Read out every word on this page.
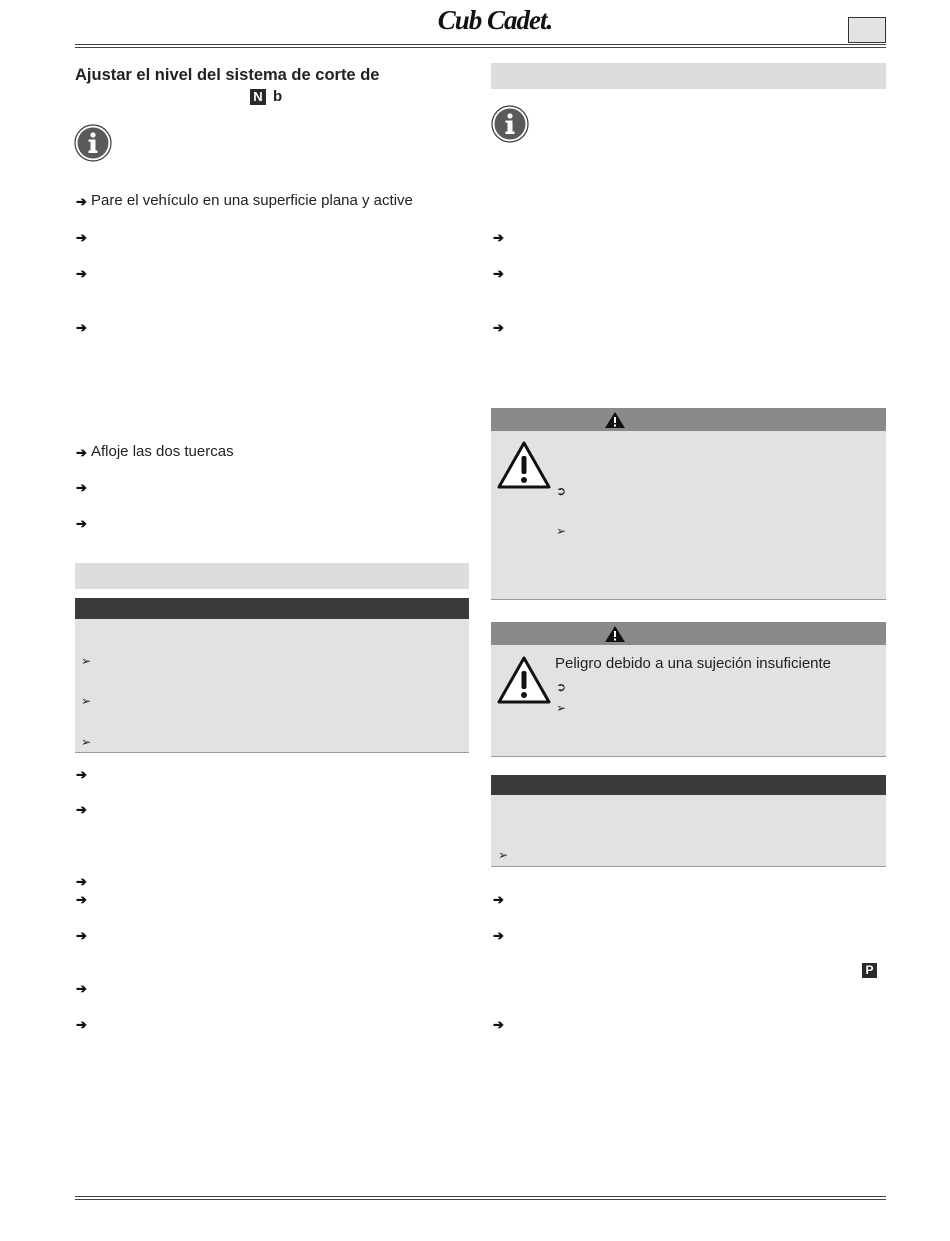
Cub Cadet.
Ajustar el nivel del sistema de corte de
N b
➔ Pare el vehículo en una superficie plana y active
➔
➔
➔
➔ Afloje las dos tuercas
➔
➔
➢
➢
➢
➔
➔
➔
➔
➔
➔
➔
➔
➔
➔
➲
➢
Peligro debido a una sujeción insuficiente
➲
➢
➢
➔
➔
P
➔
